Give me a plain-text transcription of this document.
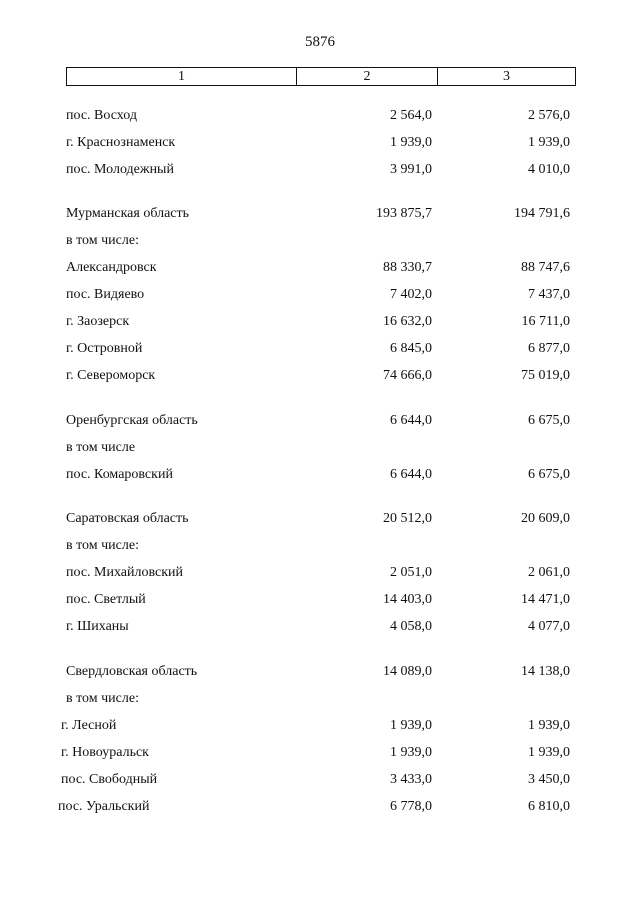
5876
1	2	3
пос. Восход	2 564,0	2 576,0
г. Краснознаменск	1 939,0	1 939,0
пос. Молодежный	3 991,0	4 010,0
Мурманская область	193 875,7	194 791,6
в том числе:
Александровск	88 330,7	88 747,6
пос. Видяево	7 402,0	7 437,0
г. Заозерск	16 632,0	16 711,0
г. Островной	6 845,0	6 877,0
г. Североморск	74 666,0	75 019,0
Оренбургская область	6 644,0	6 675,0
в том числе
пос. Комаровский	6 644,0	6 675,0
Саратовская область	20 512,0	20 609,0
в том числе:
пос. Михайловский	2 051,0	2 061,0
пос. Светлый	14 403,0	14 471,0
г. Шиханы	4 058,0	4 077,0
Свердловская область	14 089,0	14 138,0
в том числе:
г. Лесной	1 939,0	1 939,0
г. Новоуральск	1 939,0	1 939,0
пос. Свободный	3 433,0	3 450,0
пос. Уральский	6 778,0	6 810,0
